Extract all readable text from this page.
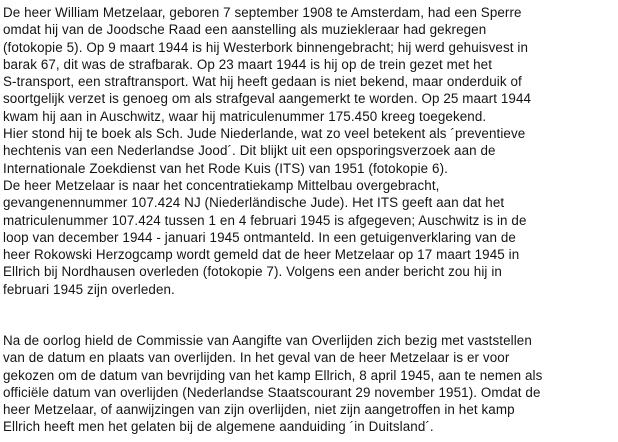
De heer William Metzelaar, geboren 7 september 1908 te Amsterdam, had een Sperre
omdat hij van de Joodsche Raad een aanstelling als muziekleraar had gekregen
(fotokopie 5). Op 9 maart 1944 is hij Westerbork binnengebracht; hij werd gehuisvest in
barak 67, dit was de strafbarak. Op 23 maart 1944 is hij op de trein gezet met het
S-transport, een straftransport. Wat hij heeft gedaan is niet bekend, maar onderduik of
soortgelijk verzet is genoeg om als strafgeval aangemerkt te worden. Op 25 maart 1944
kwam hij aan in Auschwitz, waar hij matriculenummer 175.450 kreeg toegekend.
Hier stond hij te boek als Sch. Jude Niederlande, wat zo veel betekent als ´preventieve
hechtenis van een Nederlandse Jood´. Dit blijkt uit een opsporingsverzoek aan de
Internationale Zoekdienst van het Rode Kuis (ITS) van 1951 (fotokopie 6).
De heer Metzelaar is naar het concentratiekamp Mittelbau overgebracht,
gevangenennummer 107.424 NJ (Niederländische Jude). Het ITS geeft aan dat het
matriculenummer 107.424 tussen 1 en 4 februari 1945 is afgegeven; Auschwitz is in de
loop van december 1944 - januari 1945 ontmanteld. In een getuigenverklaring van de
heer Rokowski Herzogcamp wordt gemeld dat de heer Metzelaar op 17 maart 1945 in
Ellrich bij Nordhausen overleden (fotokopie 7). Volgens een ander bericht zou hij in
februari 1945 zijn overleden.

Na de oorlog hield de Commissie van Aangifte van Overlijden zich bezig met vaststellen
van de datum en plaats van overlijden. In het geval van de heer Metzelaar is er voor
gekozen om de datum van bevrijding van het kamp Ellrich, 8 april 1945, aan te nemen als
officiële datum van overlijden (Nederlandse Staatscourant 29 november 1951). Omdat de
heer Metzelaar, of aanwijzingen van zijn overlijden, niet zijn aangetroffen in het kamp
Ellrich heeft men het gelaten bij de algemene aanduiding ´in Duitsland´.
